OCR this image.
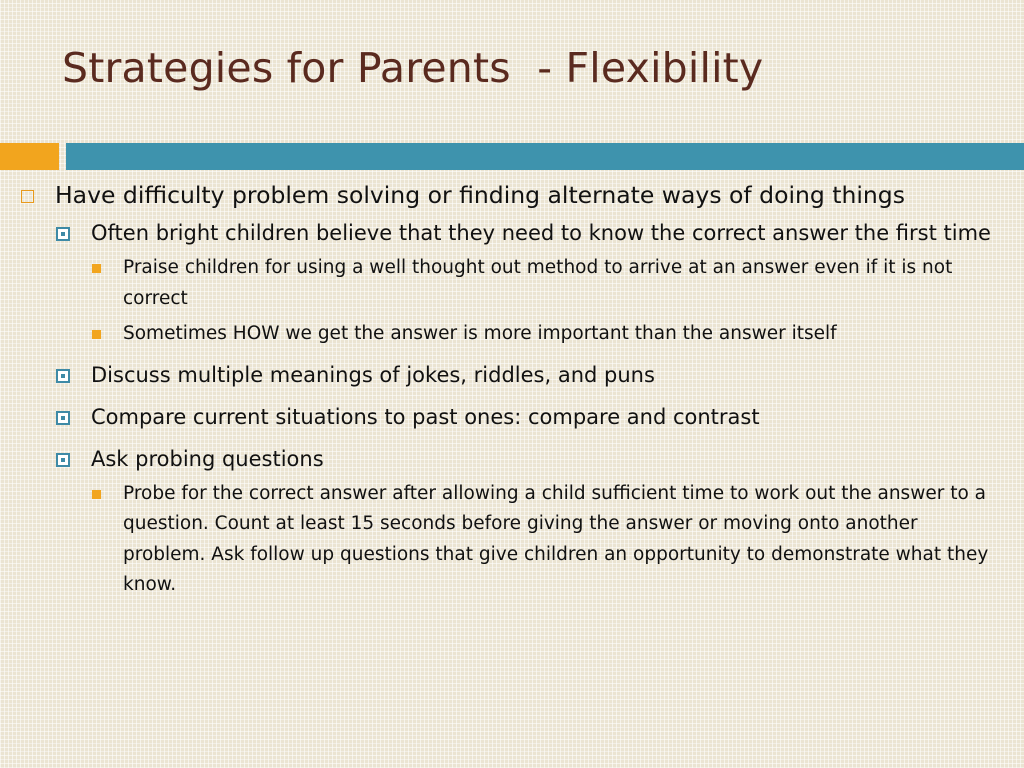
Strategies for Parents  - Flexibility
Have difficulty problem solving or finding alternate ways of doing things
Often bright children believe that they need to know the correct answer the first time
Praise children for using a well thought out method to arrive at an answer even if it is not correct
Sometimes HOW we get the answer is more important than the answer itself
Discuss multiple meanings of jokes, riddles, and puns
Compare current situations to past ones: compare and contrast
Ask probing questions
Probe for the correct answer after allowing a child sufficient time to work out the answer to a question. Count at least 15 seconds before giving the answer or moving onto another problem. Ask follow up questions that give children an opportunity to demonstrate what they know.
